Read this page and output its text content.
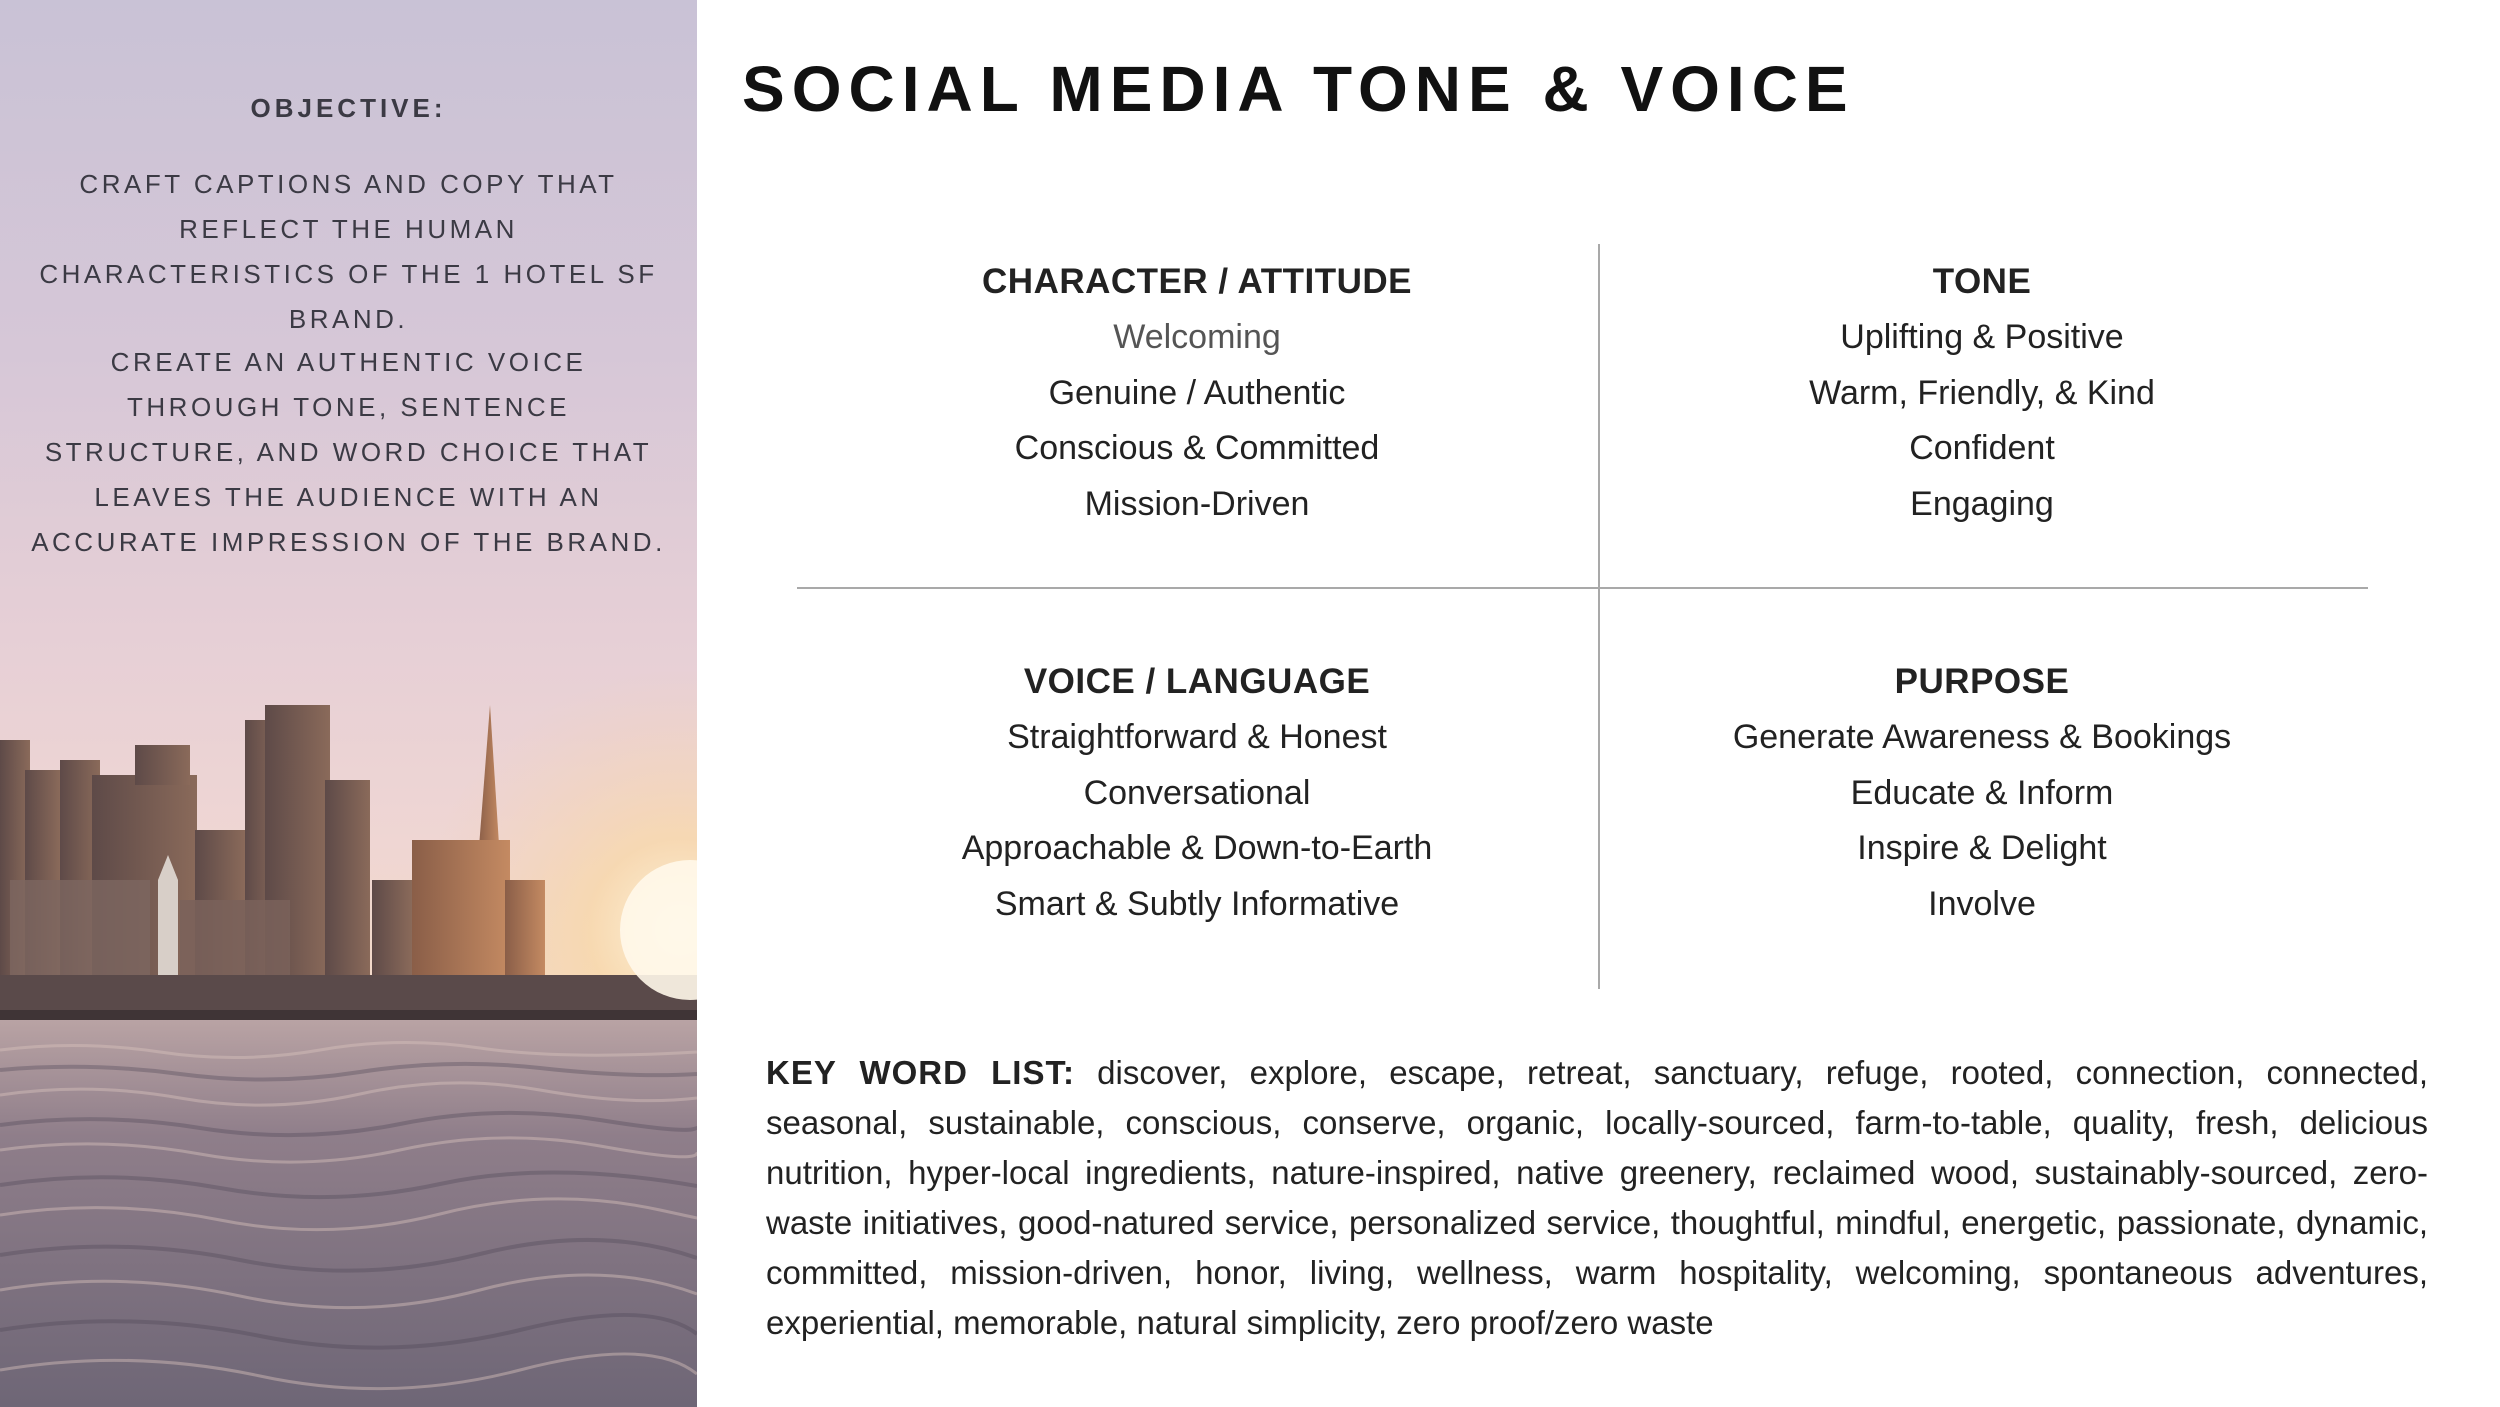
OBJECTIVE:
CRAFT CAPTIONS AND COPY THAT REFLECT THE HUMAN CHARACTERISTICS OF THE 1 HOTEL SF BRAND.
CREATE AN AUTHENTIC VOICE THROUGH TONE, SENTENCE STRUCTURE, AND WORD CHOICE THAT LEAVES THE AUDIENCE WITH AN ACCURATE IMPRESSION OF THE BRAND.
SOCIAL MEDIA TONE & VOICE
CHARACTER / ATTITUDE
Welcoming
Genuine / Authentic
Conscious & Committed
Mission-Driven
TONE
Uplifting & Positive
Warm, Friendly, & Kind
Confident
Engaging
VOICE / LANGUAGE
Straightforward & Honest
Conversational
Approachable & Down-to-Earth
Smart & Subtly Informative
PURPOSE
Generate Awareness & Bookings
Educate & Inform
Inspire & Delight
Involve
KEY WORD LIST: discover, explore, escape, retreat, sanctuary, refuge, rooted, connection, connected, seasonal, sustainable, conscious, conserve, organic, locally-sourced, farm-to-table, quality, fresh, delicious nutrition, hyper-local ingredients, nature-inspired, native greenery, reclaimed wood, sustainably-sourced, zero-waste initiatives, good-natured service, personalized service, thoughtful, mindful, energetic, passionate, dynamic, committed, mission-driven, honor, living, wellness, warm hospitality, welcoming, spontaneous adventures, experiential, memorable, natural simplicity, zero proof/zero waste
